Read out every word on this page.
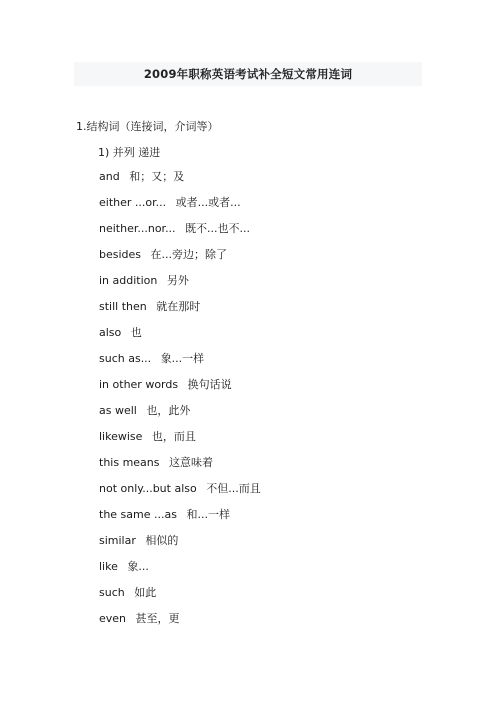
2009年职称英语考试补全短文常用连词
1.结构词（连接词，介词等）
1) 并列 递进
and 和；又；及
either ...or... 或者...或者...
neither...nor... 既不...也不...
besides 在...旁边；除了
in addition 另外
still then 就在那时
also 也
such as... 象...一样
in other words 换句话说
as well 也，此外
likewise 也，而且
this means 这意味着
not only...but also 不但...而且
the same ...as 和...一样
similar 相似的
like 象...
such 如此
even 甚至，更
